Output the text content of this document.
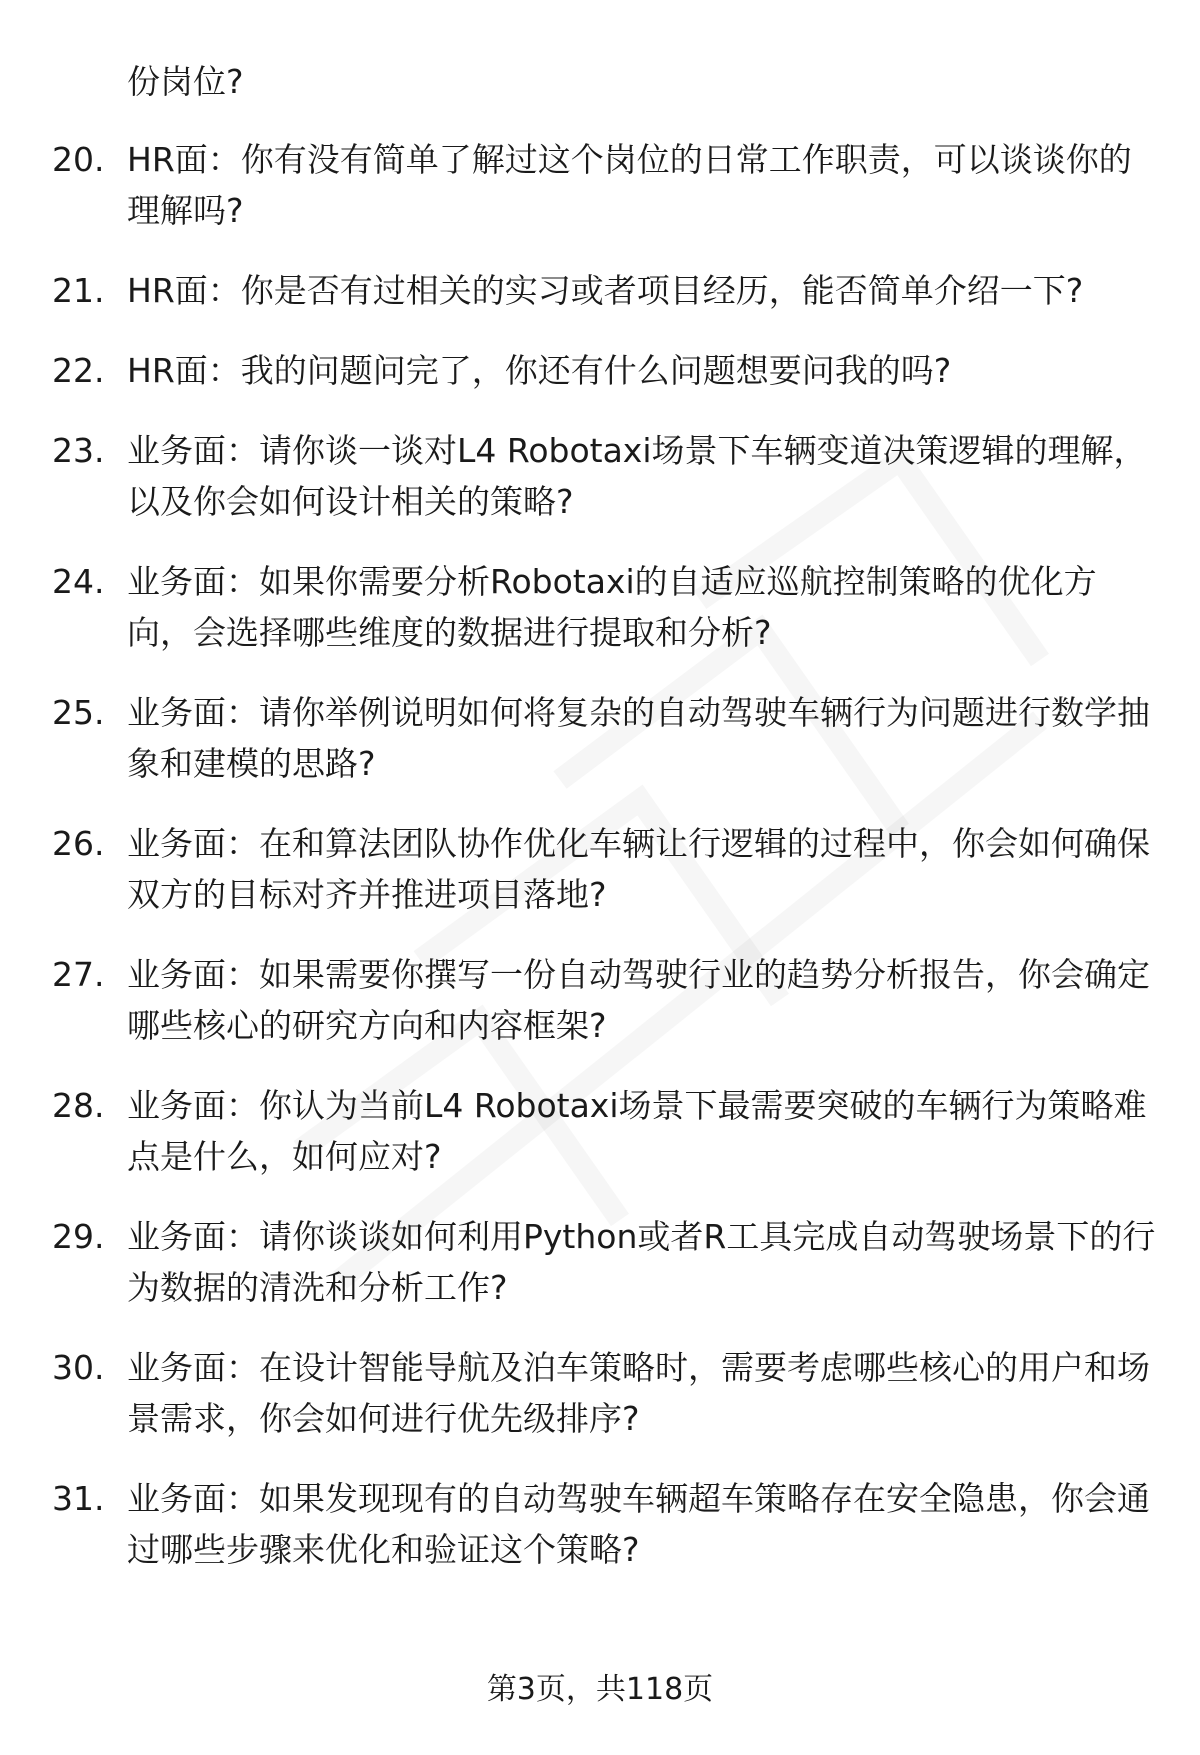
份岗位?
20. HR面：你有没有简单了解过这个岗位的日常工作职责，可以谈谈你的理解吗?
21. HR面：你是否有过相关的实习或者项目经历，能否简单介绍一下?
22. HR面：我的问题问完了，你还有什么问题想要问我的吗?
23. 业务面：请你谈一谈对L4 Robotaxi场景下车辆变道决策逻辑的理解，以及你会如何设计相关的策略?
24. 业务面：如果你需要分析Robotaxi的自适应巡航控制策略的优化方向，会选择哪些维度的数据进行提取和分析?
25. 业务面：请你举例说明如何将复杂的自动驾驶车辆行为问题进行数学抽象和建模的思路?
26. 业务面：在和算法团队协作优化车辆让行逻辑的过程中，你会如何确保双方的目标对齐并推进项目落地?
27. 业务面：如果需要你撰写一份自动驾驶行业的趋势分析报告，你会确定哪些核心的研究方向和内容框架?
28. 业务面：你认为当前L4 Robotaxi场景下最需要突破的车辆行为策略难点是什么，如何应对?
29. 业务面：请你谈谈如何利用Python或者R工具完成自动驾驶场景下的行为数据的清洗和分析工作?
30. 业务面：在设计智能导航及泊车策略时，需要考虑哪些核心的用户和场景需求，你会如何进行优先级排序?
31. 业务面：如果发现现有的自动驾驶车辆超车策略存在安全隐患，你会通过哪些步骤来优化和验证这个策略?
第3页，共118页
